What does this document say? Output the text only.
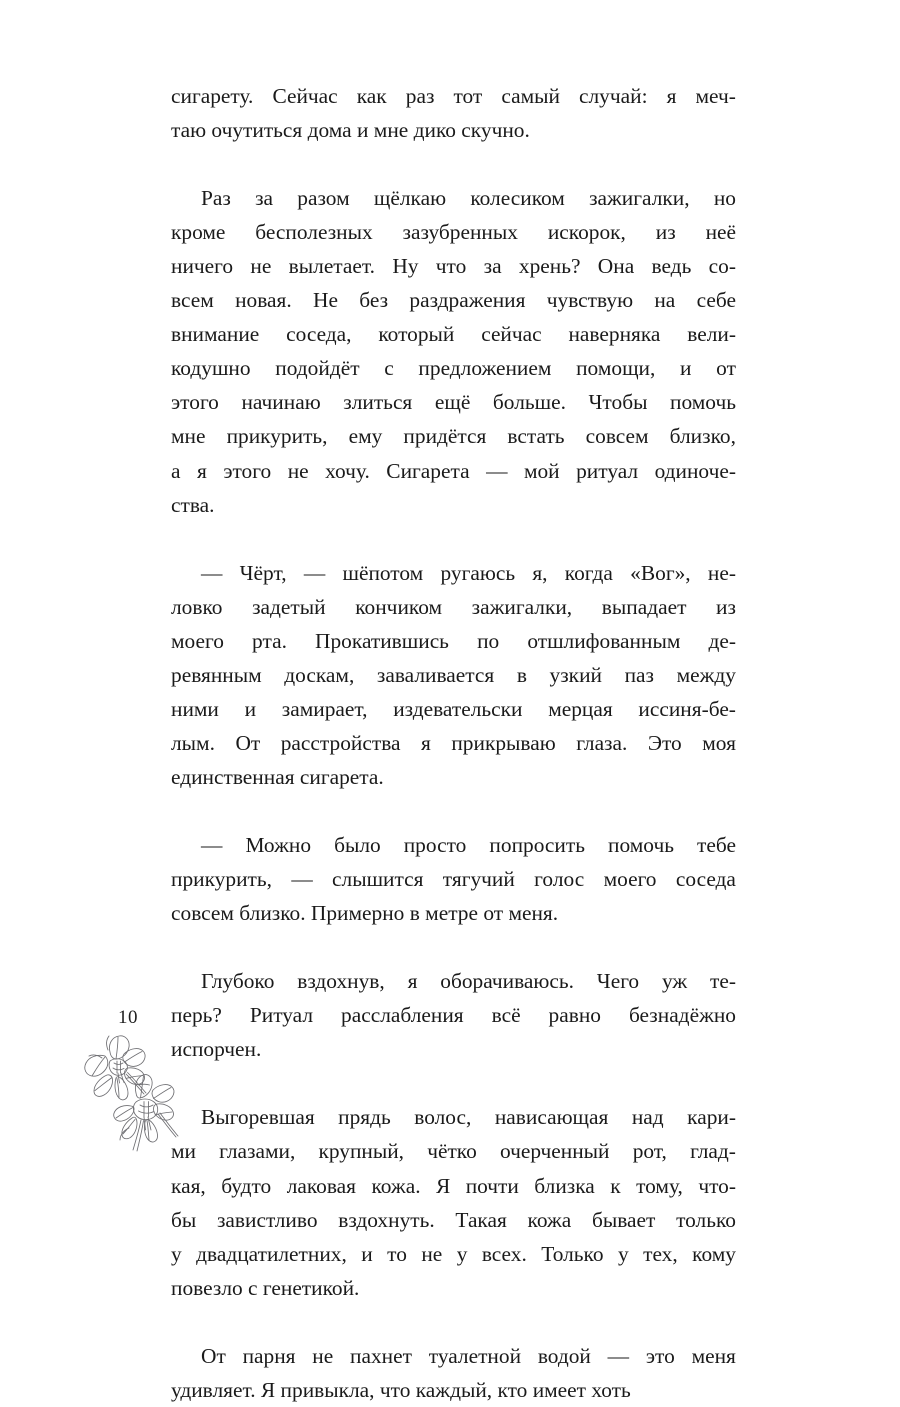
сигарету. Сейчас как раз тот самый случай: я меч-
таю очутиться дома и мне дико скучно.

Раз за разом щёлкаю колесиком зажигалки, но
кроме бесполезных зазубренных искорок, из неё
ничего не вылетает. Ну что за хрень? Она ведь со-
всем новая. Не без раздражения чувствую на себе
внимание соседа, который сейчас наверняка вели-
кодушно подойдёт с предложением помощи, и от
этого начинаю злиться ещё больше. Чтобы помочь
мне прикурить, ему придётся встать совсем близко,
а я этого не хочу. Сигарета — мой ритуал одиноче-
ства.

— Чёрт, — шёпотом ругаюсь я, когда «Вог», не-
ловко задетый кончиком зажигалки, выпадает из
моего рта. Прокатившись по отшлифованным де-
ревянным доскам, заваливается в узкий паз между
ними и замирает, издевательски мерцая иссиня-бе-
лым. От расстройства я прикрываю глаза. Это моя
единственная сигарета.

— Можно было просто попросить помочь тебе
прикурить, — слышится тягучий голос моего соседа
совсем близко. Примерно в метре от меня.

Глубоко вздохнув, я оборачиваюсь. Чего уж те-
перь? Ритуал расслабления всё равно безнадёжно
испорчен.

Выгоревшая прядь волос, нависающая над кари-
ми глазами, крупный, чётко очерченный рот, глад-
кая, будто лаковая кожа. Я почти близка к тому, что-
бы завистливо вздохнуть. Такая кожа бывает только
у двадцатилетних, и то не у всех. Только у тех, кому
повезло с генетикой.

От парня не пахнет туалетной водой — это меня
удивляет. Я привыкла, что каждый, кто имеет хоть

10
